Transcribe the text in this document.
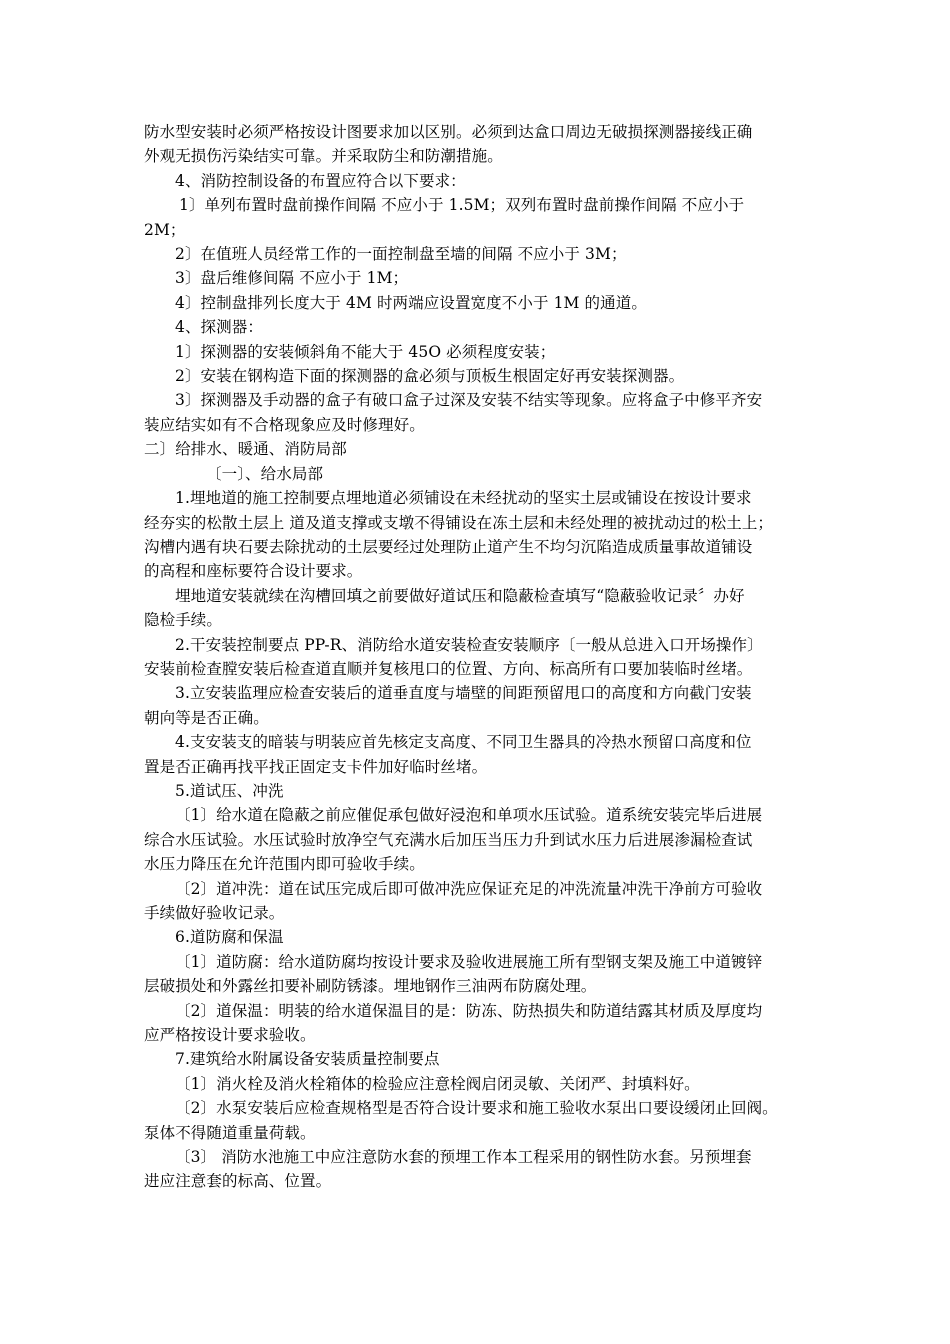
防水型安装时必须严格按设计图要求加以区别。必须到达盒口周边无破损探测器接线正确

外观无损伤污染结实可靠。并采取防尘和防潮措施。

4、消防控制设备的布置应符合以下要求：

1〕单列布置时盘前操作间隔 不应小于 1.5M；双列布置时盘前操作间隔 不应小于

2M；

2〕在值班人员经常工作的一面控制盘至墙的间隔 不应小于 3M；

3〕盘后维修间隔 不应小于 1M；

4〕控制盘排列长度大于 4M 时两端应设置宽度不小于 1M 的通道。

4、探测器：

1〕探测器的安装倾斜角不能大于 45O 必须程度安装；

2〕安装在钢构造下面的探测器的盒必须与顶板生根固定好再安装探测器。

3〕探测器及手动器的盒子有破口盒子过深及安装不结实等现象。应将盒子中修平齐安

装应结实如有不合格现象应及时修理好。

二〕给排水、暖通、消防局部

〔一〕、给水局部

1.埋地道的施工控制要点埋地道必须铺设在未经扰动的坚实土层或铺设在按设计要求

经夯实的松散土层上 道及道支撑或支墩不得铺设在冻土层和未经处理的被扰动过的松土上；

沟槽内遇有块石要去除扰动的土层要经过处理防止道产生不均匀沉陷造成质量事故道铺设

的高程和座标要符合设计要求。

埋地道安装就续在沟槽回填之前要做好道试压和隐蔽检查填写“隐蔽验收记录〞办好

隐检手续。

2.干安装控制要点 PP-R、消防给水道安装检查安装顺序〔一般从总进入口开场操作〕

安装前检查膛安装后检查道直顺并复核甩口的位置、方向、标高所有口要加装临时丝堵。

3.立安装监理应检查安装后的道垂直度与墙壁的间距预留甩口的高度和方向截门安装

朝向等是否正确。

4.支安装支的暗装与明装应首先核定支高度、不同卫生器具的冷热水预留口高度和位

置是否正确再找平找正固定支卡件加好临时丝堵。

5.道试压、冲洗

〔1〕给水道在隐蔽之前应催促承包做好浸泡和单项水压试验。道系统安装完毕后进展

综合水压试验。水压试验时放净空气充满水后加压当压力升到试水压力后进展渗漏检查试

水压力降压在允许范围内即可验收手续。

〔2〕道冲洗：道在试压完成后即可做冲洗应保证充足的冲洗流量冲洗干净前方可验收

手续做好验收记录。

6.道防腐和保温

〔1〕道防腐：给水道防腐均按设计要求及验收进展施工所有型钢支架及施工中道镀锌

层破损处和外露丝扣要补刷防锈漆。埋地钢作三油两布防腐处理。

〔2〕道保温：明装的给水道保温目的是：防冻、防热损失和防道结露其材质及厚度均

应严格按设计要求验收。

7.建筑给水附属设备安装质量控制要点

〔1〕消火栓及消火栓箱体的检验应注意栓阀启闭灵敏、关闭严、封填料好。

〔2〕水泵安装后应检查规格型是否符合设计要求和施工验收水泵出口要设缓闭止回阀。

泵体不得随道重量荷载。

〔3〕 消防水池施工中应注意防水套的预埋工作本工程采用的钢性防水套。另预埋套

进应注意套的标高、位置。
